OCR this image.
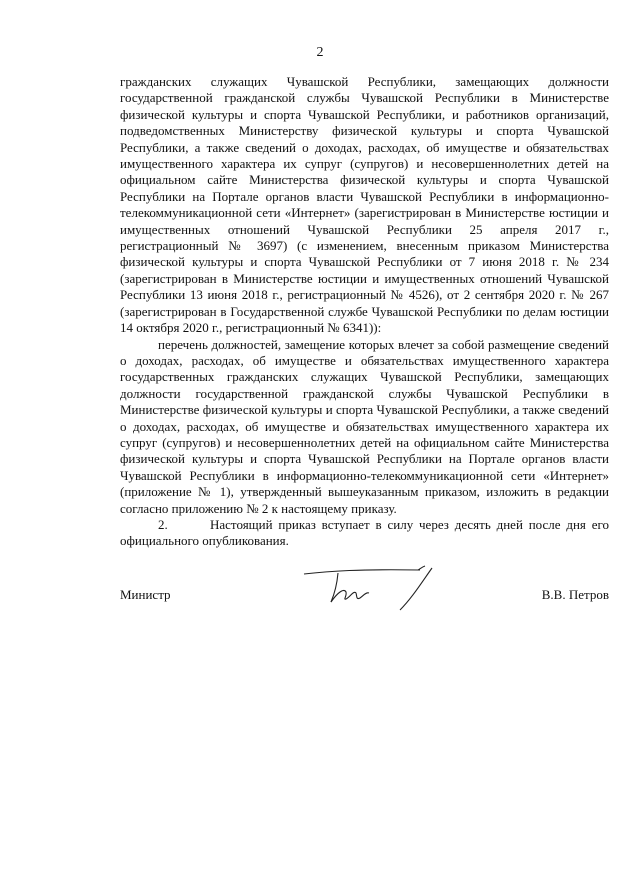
2

гражданских служащих Чувашской Республики, замещающих должности государственной гражданской службы Чувашской Республики в Министерстве физической культуры и спорта Чувашской Республики, и работников организаций, подведомственных Министерству физической культуры и спорта Чувашской Республики, а также сведений о доходах, расходах, об имуществе и обязательствах имущественного характера их супруг (супругов) и несовершеннолетних детей на официальном сайте Министерства физической культуры и спорта Чувашской Республики на Портале органов власти Чувашской Республики в информационно-телекоммуникационной сети «Интернет» (зарегистрирован в Министерстве юстиции и имущественных отношений Чувашской Республики 25 апреля 2017 г., регистрационный № 3697) (с изменением, внесенным приказом Министерства физической культуры и спорта Чувашской Республики от 7 июня 2018 г. № 234 (зарегистрирован в Министерстве юстиции и имущественных отношений Чувашской Республики 13 июня 2018 г., регистрационный № 4526), от 2 сентября 2020 г. № 267 (зарегистрирован в Государственной службе Чувашской Республики по делам юстиции 14 октября 2020 г., регистрационный № 6341)):

перечень должностей, замещение которых влечет за собой размещение сведений о доходах, расходах, об имуществе и обязательствах имущественного характера государственных гражданских служащих Чувашской Республики, замещающих должности государственной гражданской службы Чувашской Республики в Министерстве физической культуры и спорта Чувашской Республики, а также сведений о доходах, расходах, об имуществе и обязательствах имущественного характера их супруг (супругов) и несовершеннолетних детей на официальном сайте Министерства физической культуры и спорта Чувашской Республики на Портале органов власти Чувашской Республики в информационно-телекоммуникационной сети «Интернет» (приложение № 1), утвержденный вышеуказанным приказом, изложить в редакции согласно приложению № 2 к настоящему приказу.

2.	Настоящий приказ вступает в силу через десять дней после дня его официального опубликования.

Министр	В.В. Петров
